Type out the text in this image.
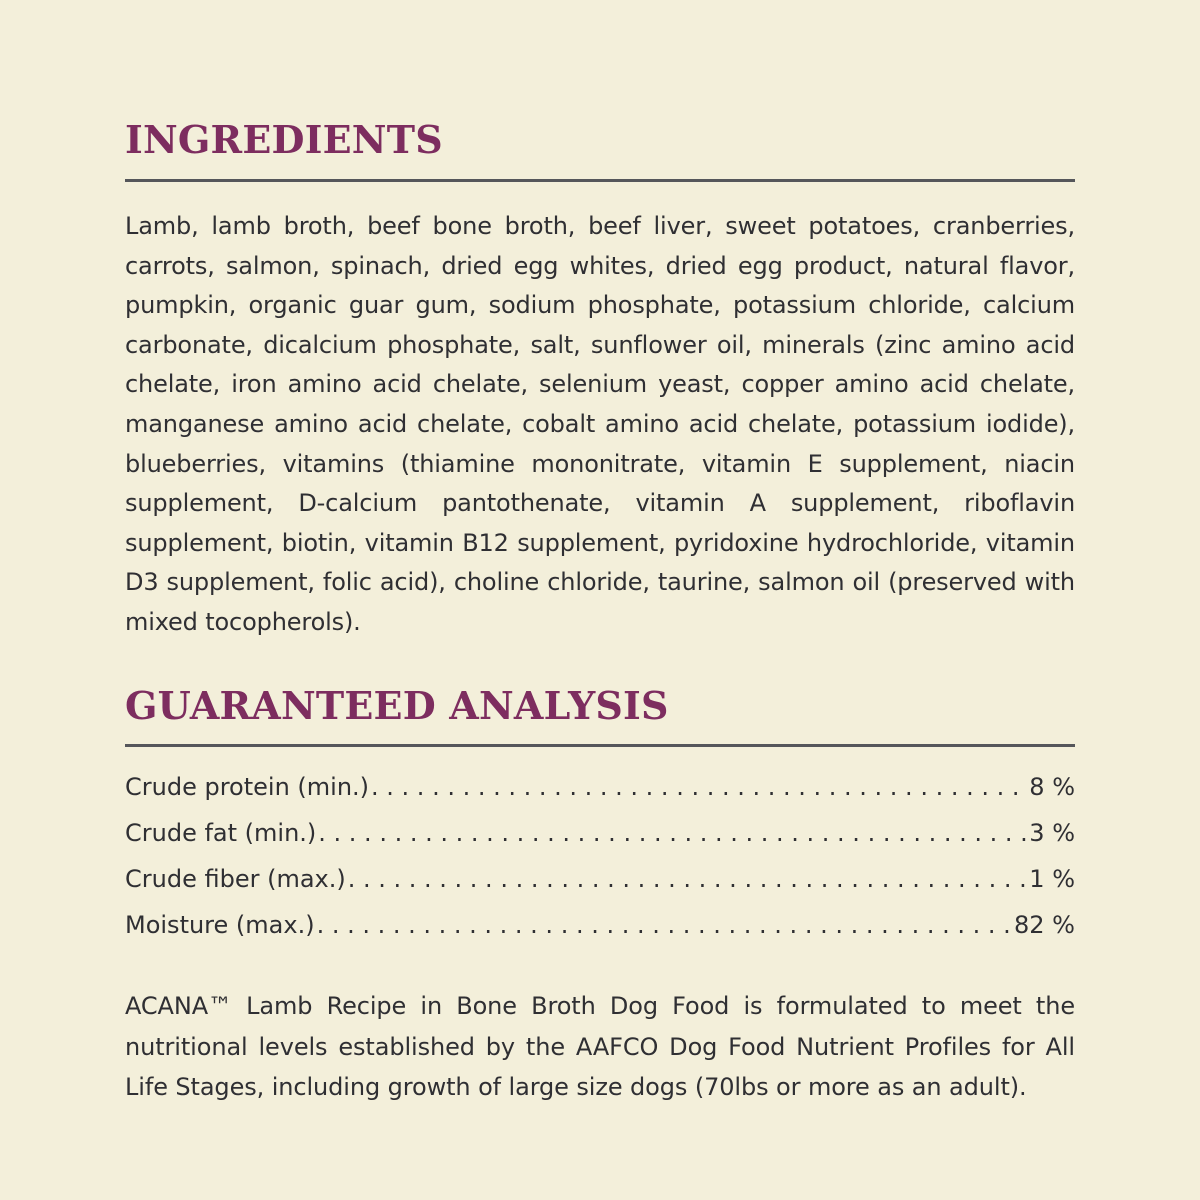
INGREDIENTS

Lamb, lamb broth, beef bone broth, beef liver, sweet potatoes, cranberries, carrots, salmon, spinach, dried egg whites, dried egg product, natural flavor, pumpkin, organic guar gum, sodium phosphate, potassium chloride, calcium carbonate, dicalcium phosphate, salt, sunflower oil, minerals (zinc amino acid chelate, iron amino acid chelate, selenium yeast, copper amino acid chelate, manganese amino acid chelate, cobalt amino acid chelate, potassium iodide), blueberries, vitamins (thiamine mononitrate, vitamin E supplement, niacin supplement, D-calcium pantothenate, vitamin A supplement, riboflavin supplement, biotin, vitamin B12 supplement, pyridoxine hydrochloride, vitamin D3 supplement, folic acid), choline chloride, taurine, salmon oil (preserved with mixed tocopherols).

GUARANTEED ANALYSIS
Crude protein (min.) . . .	8 %
Crude fat (min.) . . .	3 %
Crude fiber (max.) . . .	1 %
Moisture (max.) . . .	82 %

ACANA™ Lamb Recipe in Bone Broth Dog Food is formulated to meet the nutritional levels established by the AAFCO Dog Food Nutrient Profiles for All Life Stages, including growth of large size dogs (70lbs or more as an adult).
